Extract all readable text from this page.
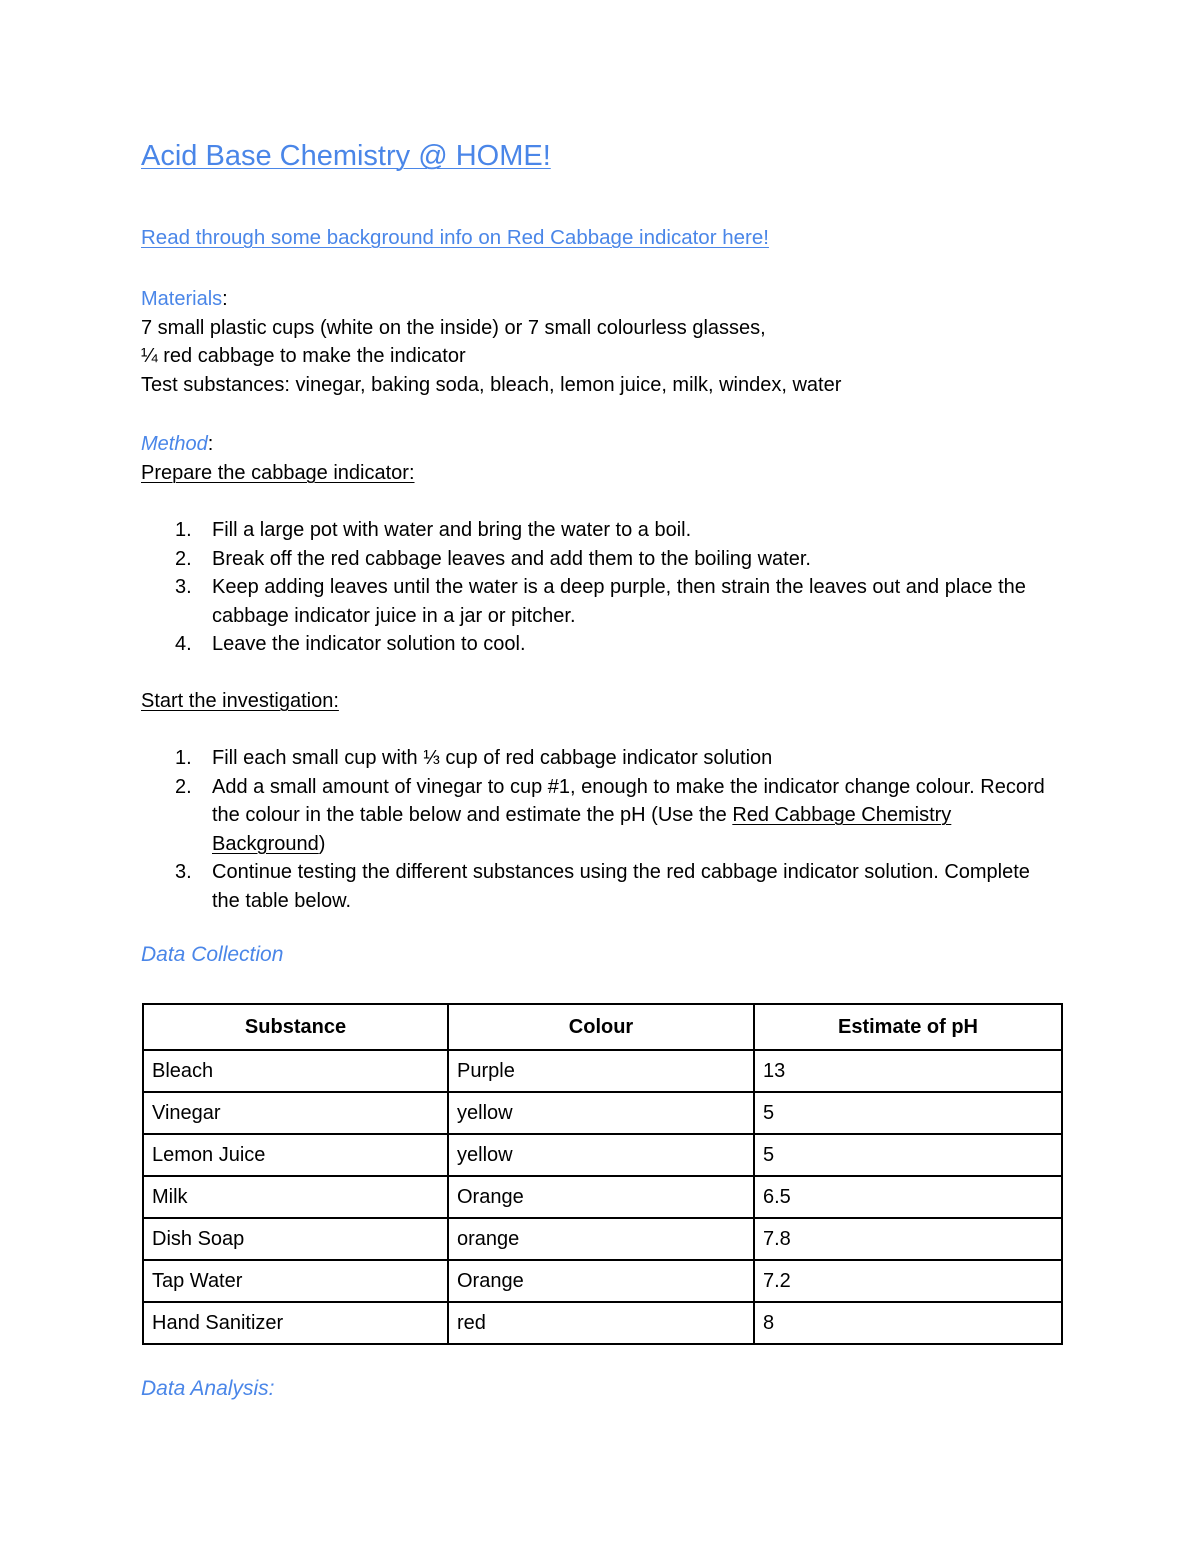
Acid Base Chemistry @ HOME!
Read through some background info on Red Cabbage indicator here!
Materials:
7 small plastic cups (white on the inside) or 7 small colourless glasses,
¼ red cabbage to make the indicator
Test substances: vinegar, baking soda, bleach, lemon juice, milk, windex, water
Method:
Prepare the cabbage indicator:
1. Fill a large pot with water and bring the water to a boil.
2. Break off the red cabbage leaves and add them to the boiling water.
3. Keep adding leaves until the water is a deep purple, then strain the leaves out and place the cabbage indicator juice in a jar or pitcher.
4. Leave the indicator solution to cool.
Start the investigation:
1. Fill each small cup with ⅓ cup of red cabbage indicator solution
2. Add a small amount of vinegar to cup #1, enough to make the indicator change colour. Record the colour in the table below and estimate the pH (Use the Red Cabbage Chemistry Background)
3. Continue testing the different substances using the red cabbage indicator solution. Complete the table below.
Data Collection
Substance	Colour	Estimate of pH
Bleach	Purple	13
Vinegar	yellow	5
Lemon Juice	yellow	5
Milk	Orange	6.5
Dish Soap	orange	7.8
Tap Water	Orange	7.2
Hand Sanitizer	red	8
Data Analysis:
